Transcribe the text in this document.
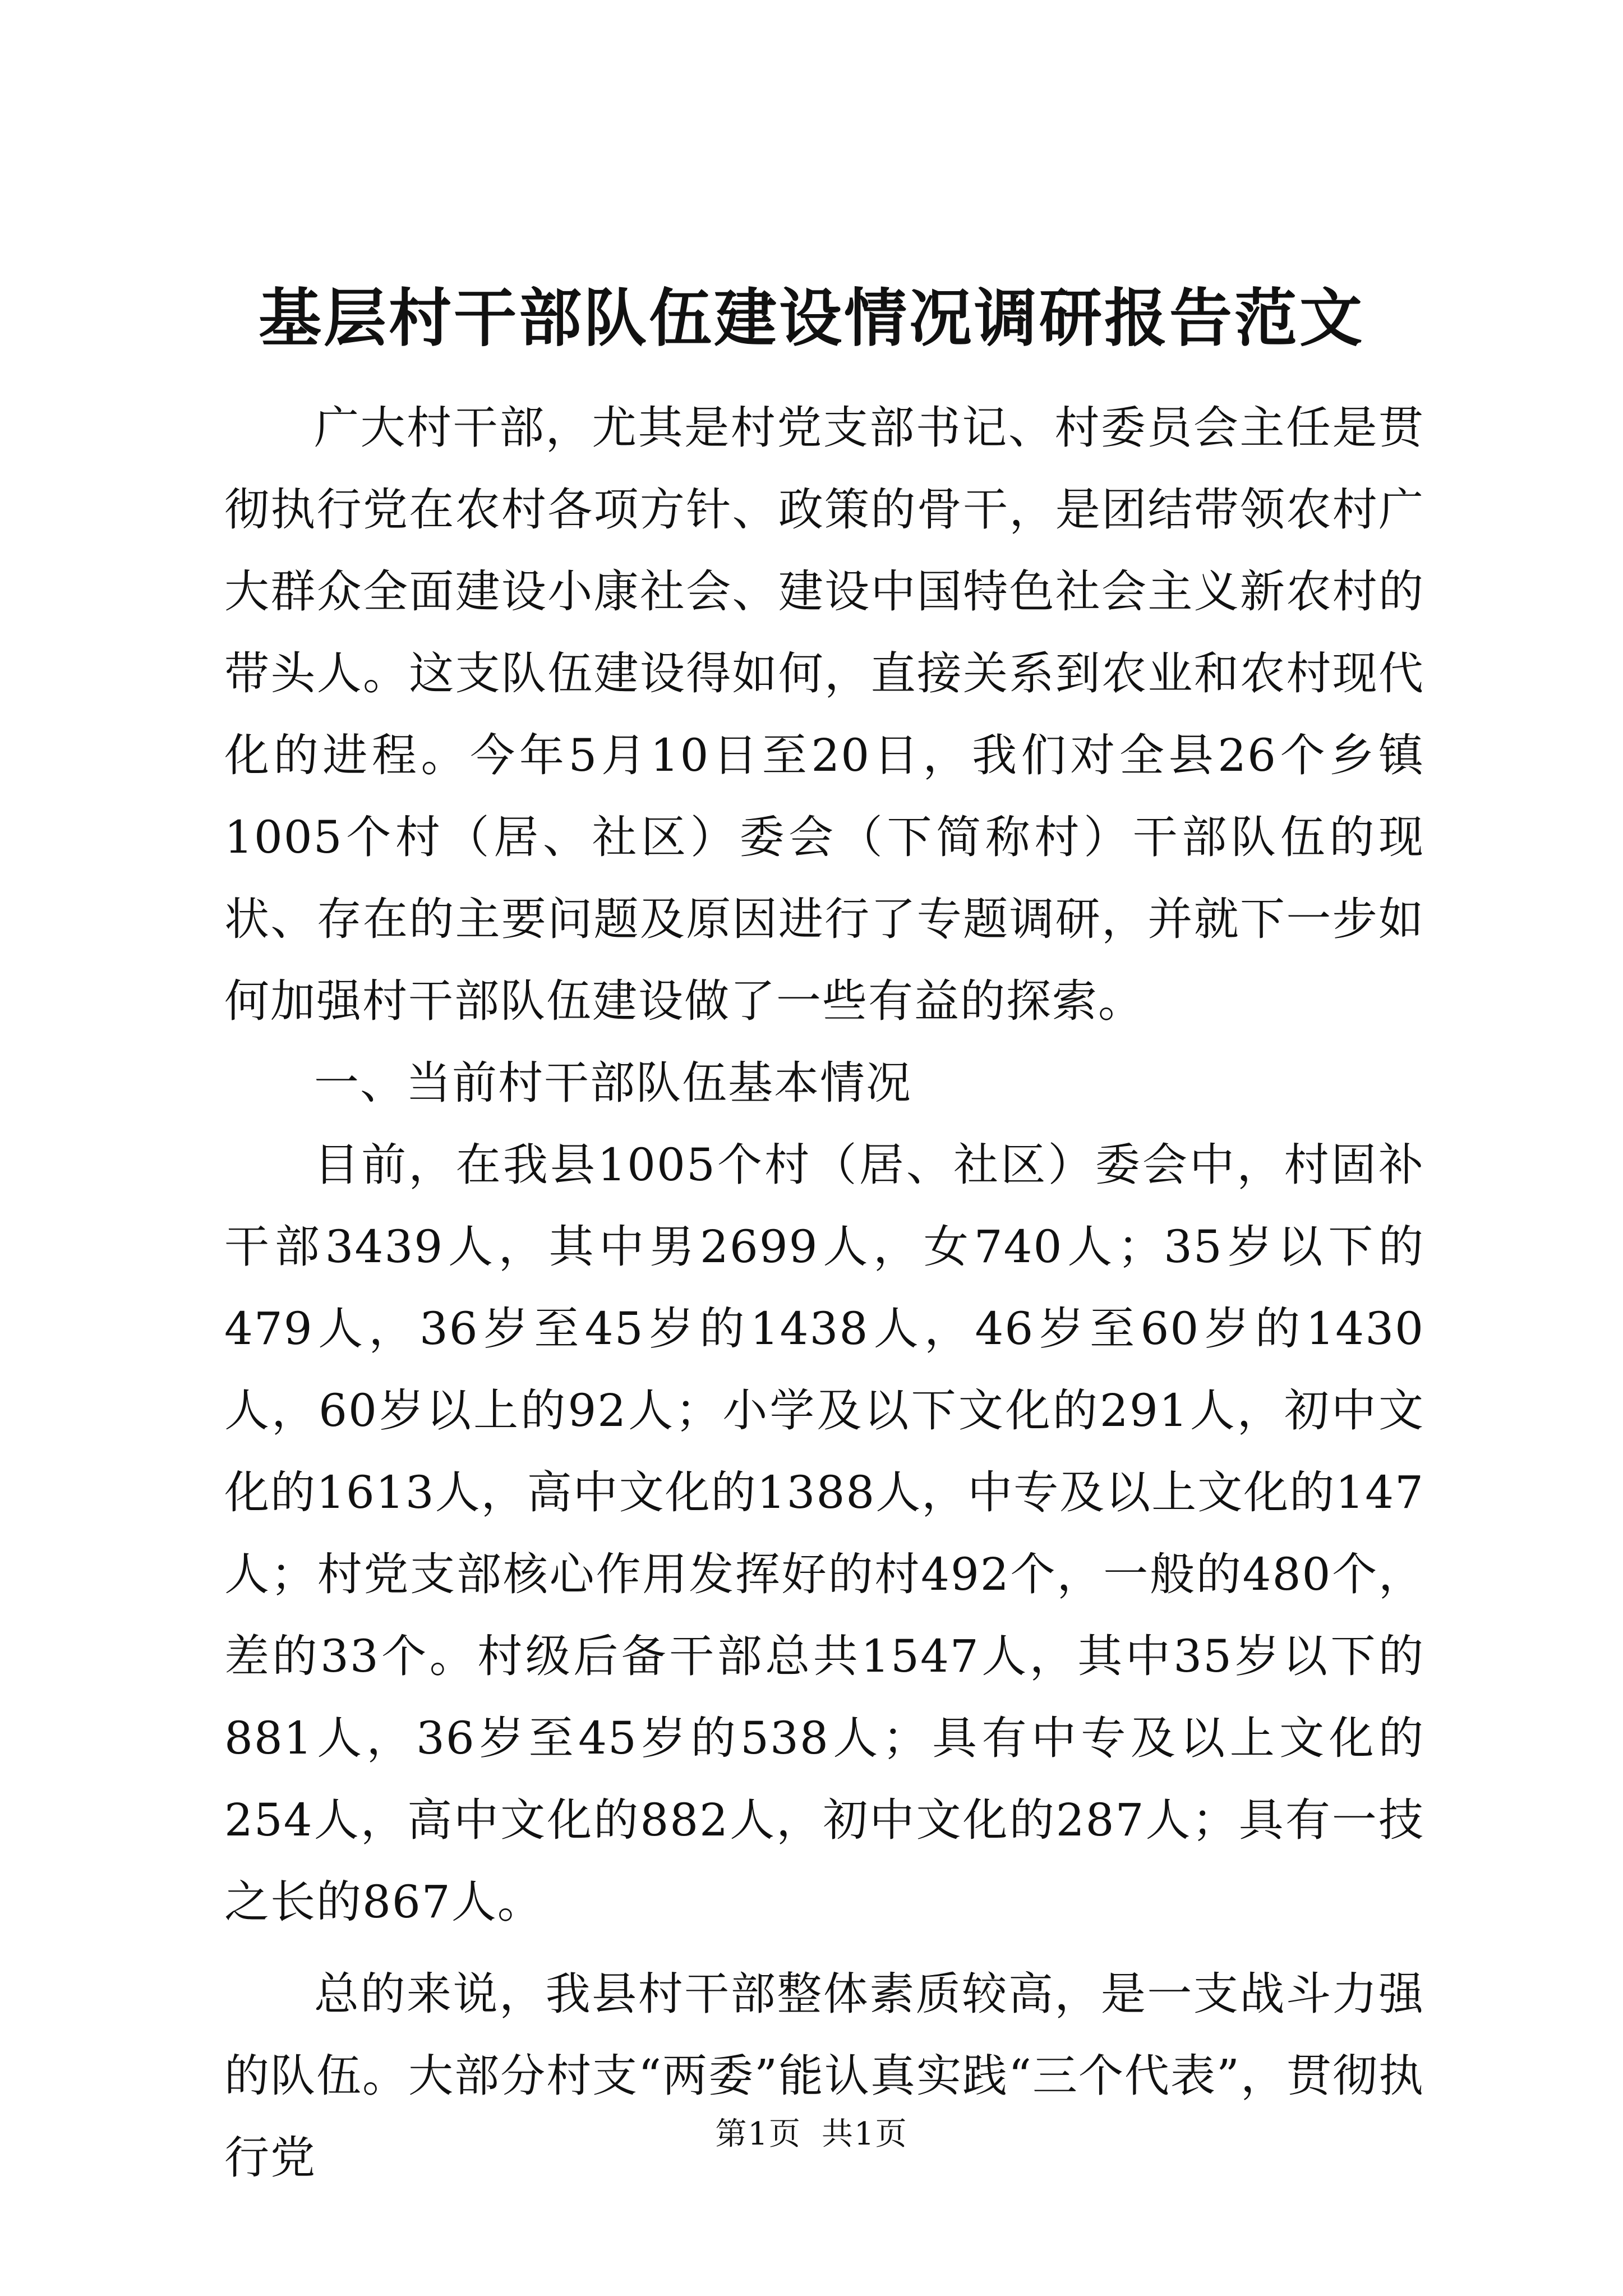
基层村干部队伍建设情况调研报告范文

广大村干部，尤其是村党支部书记、村委员会主任是贯彻执行党在农村各项方针、政策的骨干，是团结带领农村广大群众全面建设小康社会、建设中国特色社会主义新农村的带头人。这支队伍建设得如何，直接关系到农业和农村现代化的进程。今年5月10日至20日，我们对全县26个乡镇1005个村（居、社区）委会（下简称村）干部队伍的现状、存在的主要问题及原因进行了专题调研，并就下一步如何加强村干部队伍建设做了一些有益的探索。

一、当前村干部队伍基本情况

目前，在我县1005个村（居、社区）委会中，村固补干部3439人，其中男2699人，女740人；35岁以下的479人，36岁至45岁的1438人，46岁至60岁的1430人，60岁以上的92人；小学及以下文化的291人，初中文化的1613人，高中文化的1388人，中专及以上文化的147人；村党支部核心作用发挥好的村492个，一般的480个，差的33个。村级后备干部总共1547人，其中35岁以下的881人，36岁至45岁的538人；具有中专及以上文化的254人，高中文化的882人，初中文化的287人；具有一技之长的867人。

总的来说，我县村干部整体素质较高，是一支战斗力强的队伍。大部分村支“两委”能认真实践“三个代表”，贯彻执行党	第1页 共1页
